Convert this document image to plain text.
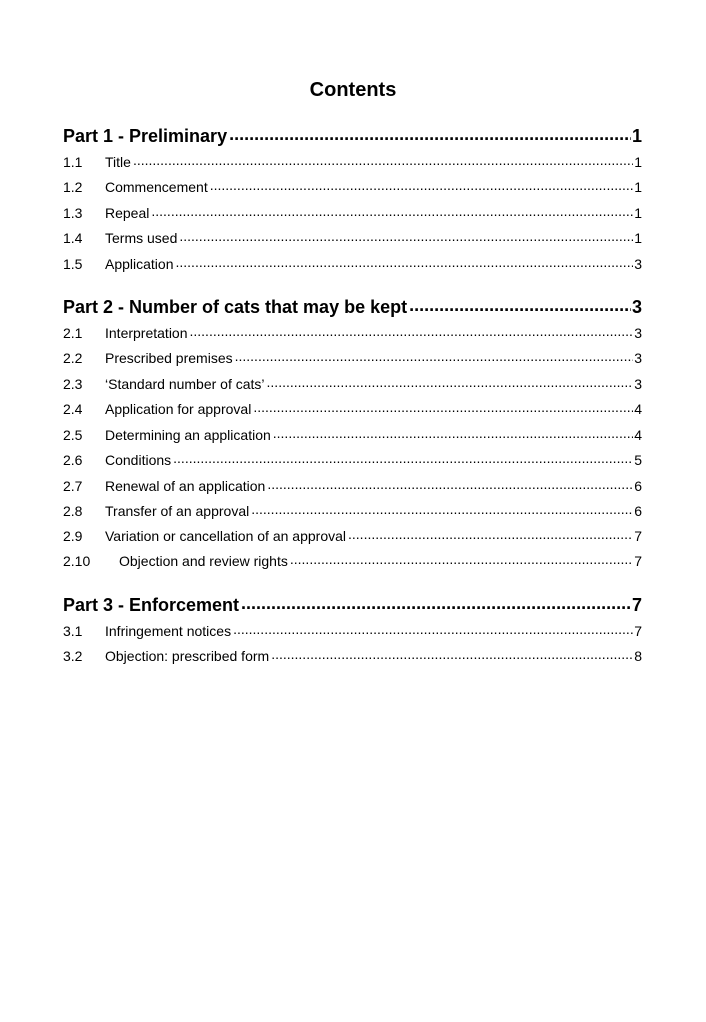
Contents
Part 1 - Preliminary .....	1
1.1	Title .....	1
1.2	Commencement .....	1
1.3	Repeal .....	1
1.4	Terms used .....	1
1.5	Application .....	3
Part 2 - Number of cats that may be kept .....	3
2.1	Interpretation .....	3
2.2	Prescribed premises .....	3
2.3	‘Standard number of cats’ .....	3
2.4	Application for approval .....	4
2.5	Determining an application .....	4
2.6	Conditions .....	5
2.7	Renewal of an application .....	6
2.8	Transfer of an approval .....	6
2.9	Variation or cancellation of an approval .....	7
2.10	Objection and review rights .....	7
Part 3 - Enforcement .....	7
3.1	Infringement notices .....	7
3.2	Objection: prescribed form .....	8
